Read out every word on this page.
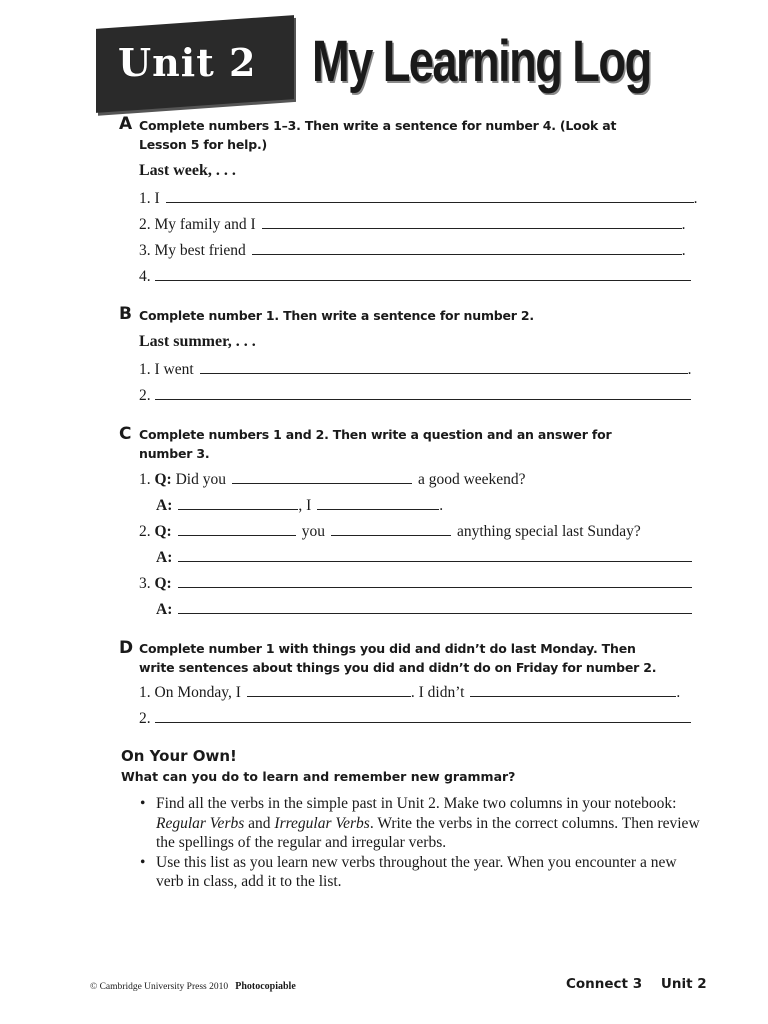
Unit 2 My Learning Log
A Complete numbers 1–3. Then write a sentence for number 4. (Look at
Lesson 5 for help.)
Last week, . . .
1. I	.
2. My family and I	.
3. My best friend	.
4.
B Complete number 1. Then write a sentence for number 2.
Last summer, . . .
1. I went	.
2.
C Complete numbers 1 and 2. Then write a question and an answer for
number 3.
1.
Q:
Did you	a good weekend?
A:	, I	.
2.
Q:	you	anything special last Sunday?
A:
3.
Q:
A:
D Complete number 1 with things you did and didn’t do last Monday. Then
write sentences about things you did and didn’t do on Friday for number 2.
1. On Monday, I	. I didn’t	.
2.
On Your Own!
What can you do to learn and remember new grammar?
• Find all the verbs in the simple past in Unit 2. Make two columns in your notebook: Regular Verbs and Irregular Verbs. Write the verbs in the correct columns. Then review the spellings of the regular and irregular verbs.
• Use this list as you learn new verbs throughout the year. When you encounter a new verb in class, add it to the list.
© Cambridge University Press 2010 Photocopiable	Connect 3 Unit 2
